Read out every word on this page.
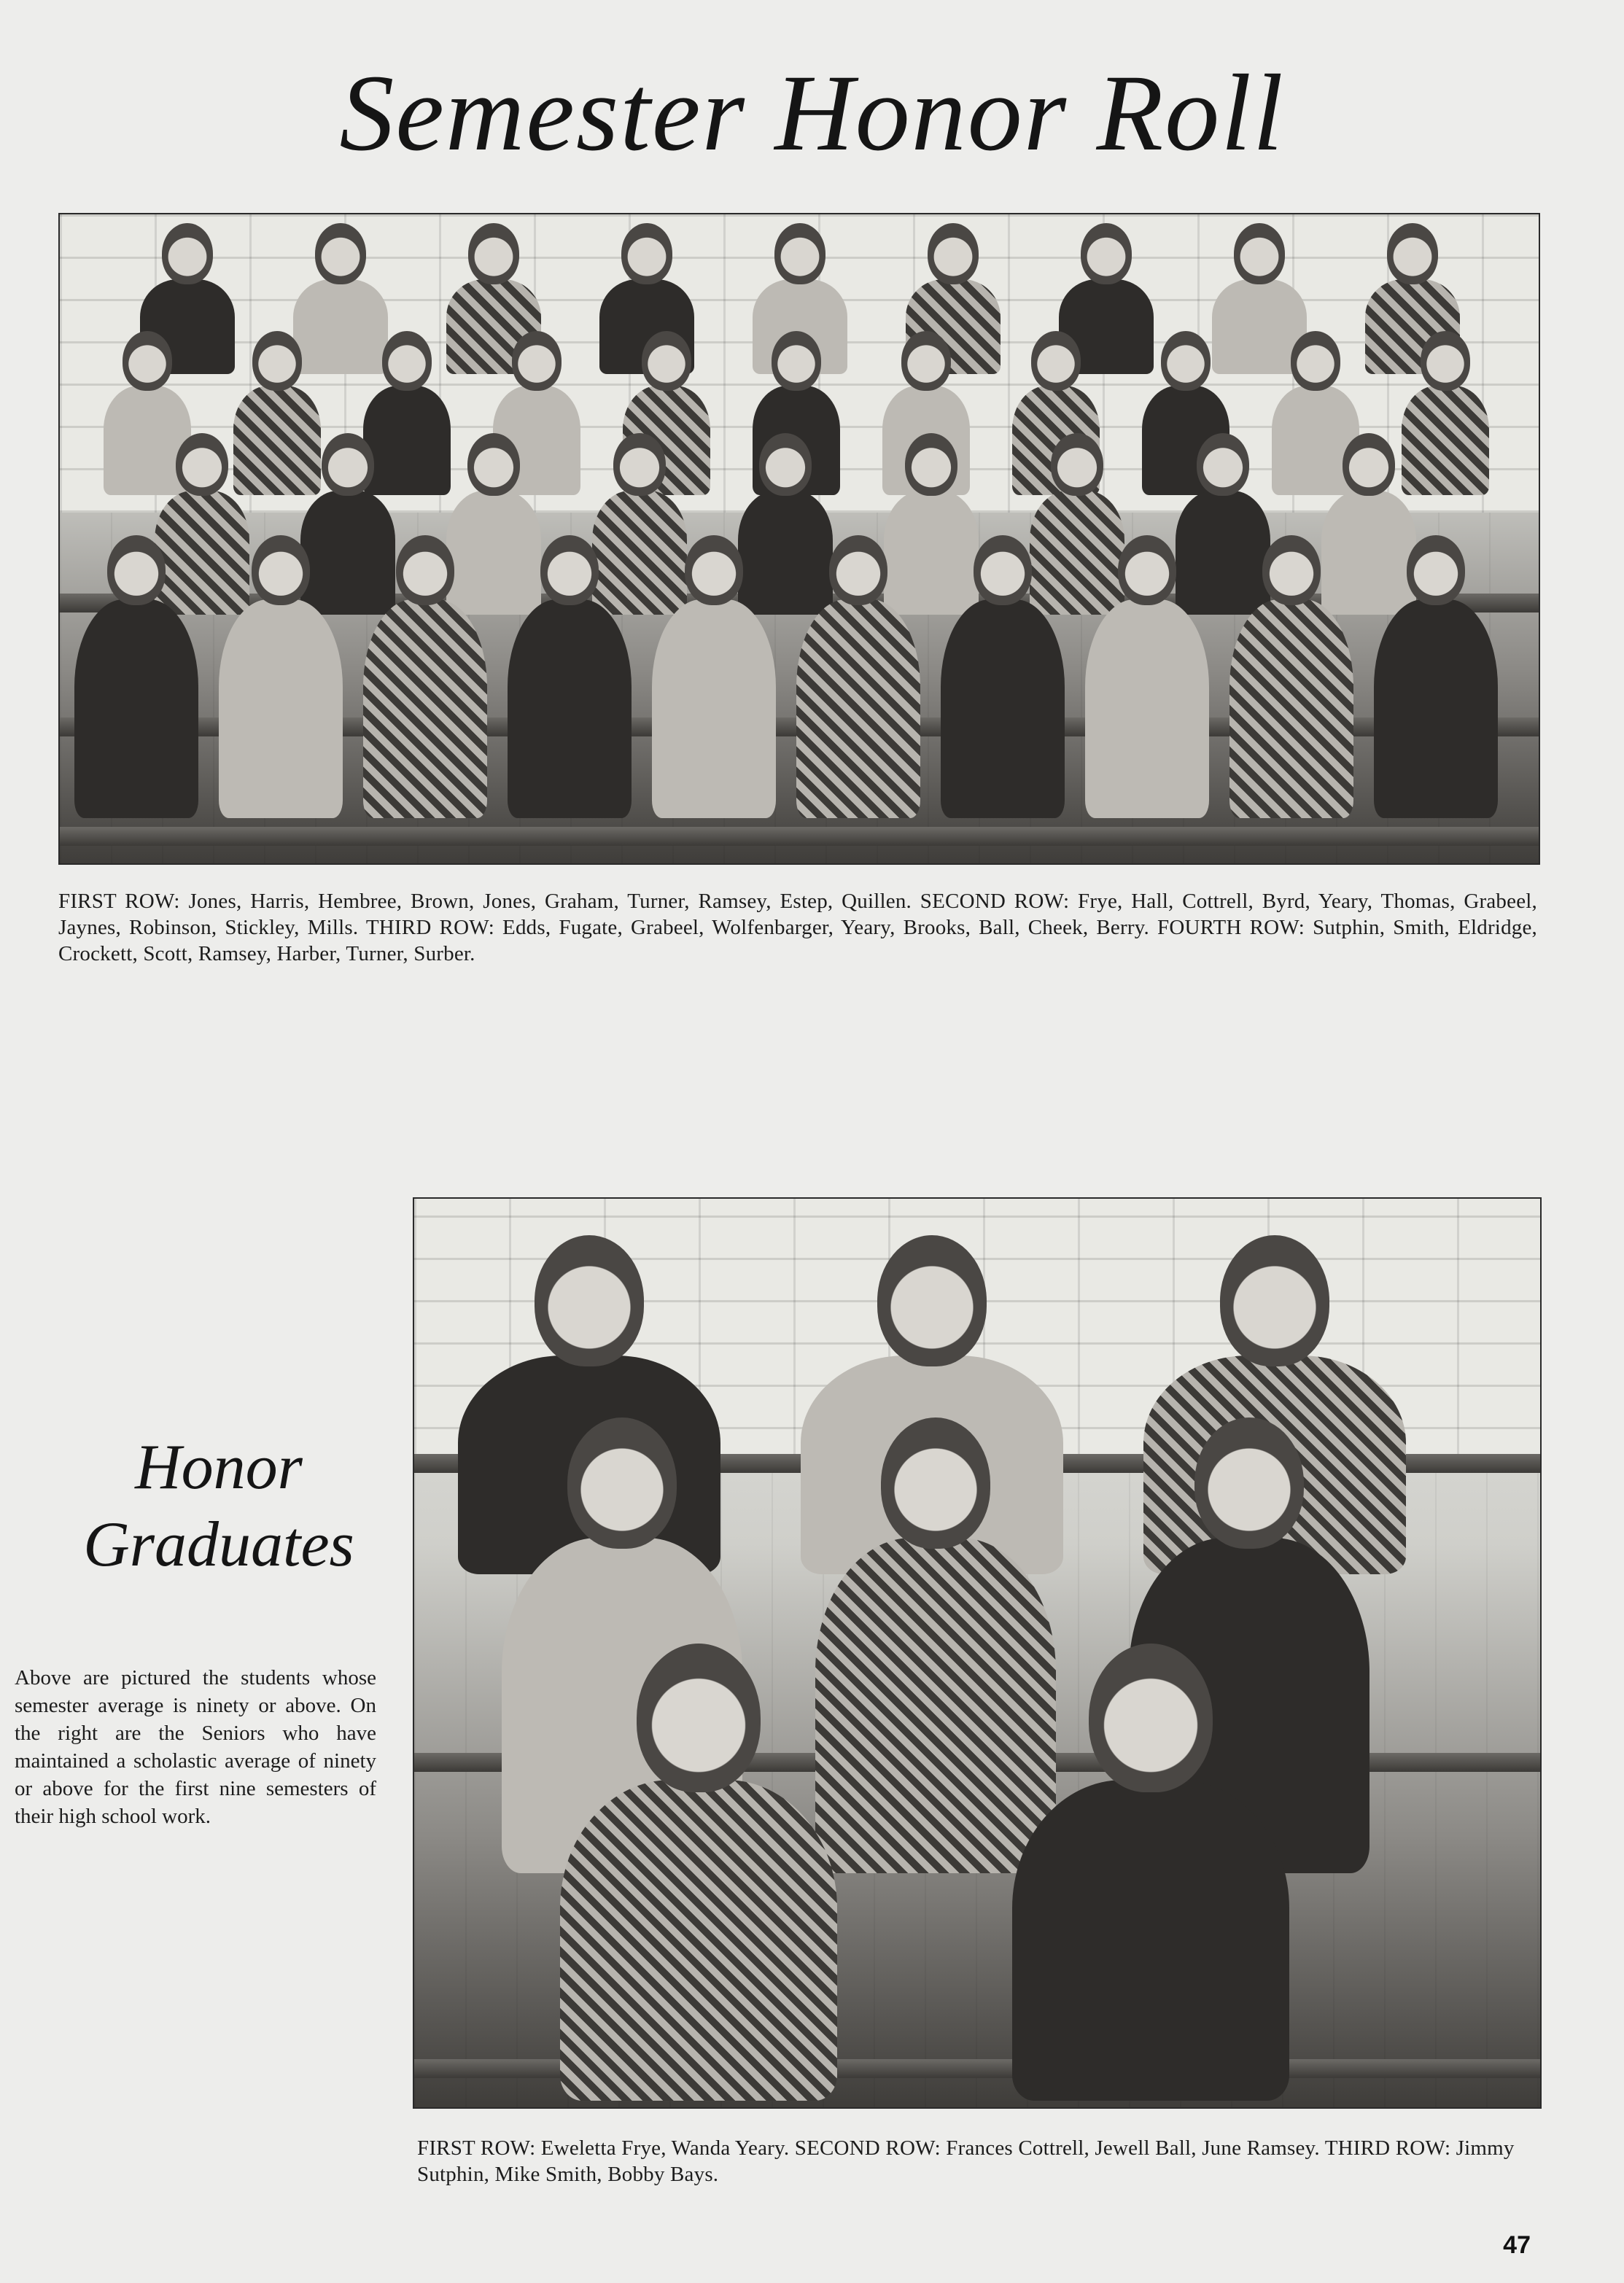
Semester Honor Roll
FIRST ROW: Jones, Harris, Hembree, Brown, Jones, Graham, Turner, Ramsey, Estep, Quillen. SECOND ROW: Frye, Hall, Cottrell, Byrd, Yeary, Thomas, Grabeel, Jaynes, Robinson, Stickley, Mills. THIRD ROW: Edds, Fugate, Grabeel, Wolfenbarger, Yeary, Brooks, Ball, Cheek, Berry. FOURTH ROW: Sutphin, Smith, Eldridge, Crockett, Scott, Ramsey, Harber, Turner, Surber.
Honor
Graduates
Above are pictured the students whose semester average is ninety or above. On the right are the Seniors who have maintained a scholastic average of ninety or above for the first nine semesters of their high school work.
FIRST ROW: Eweletta Frye, Wanda Yeary. SECOND ROW: Frances Cottrell, Jewell Ball, June Ramsey. THIRD ROW: Jimmy Sutphin, Mike Smith, Bobby Bays.
47
